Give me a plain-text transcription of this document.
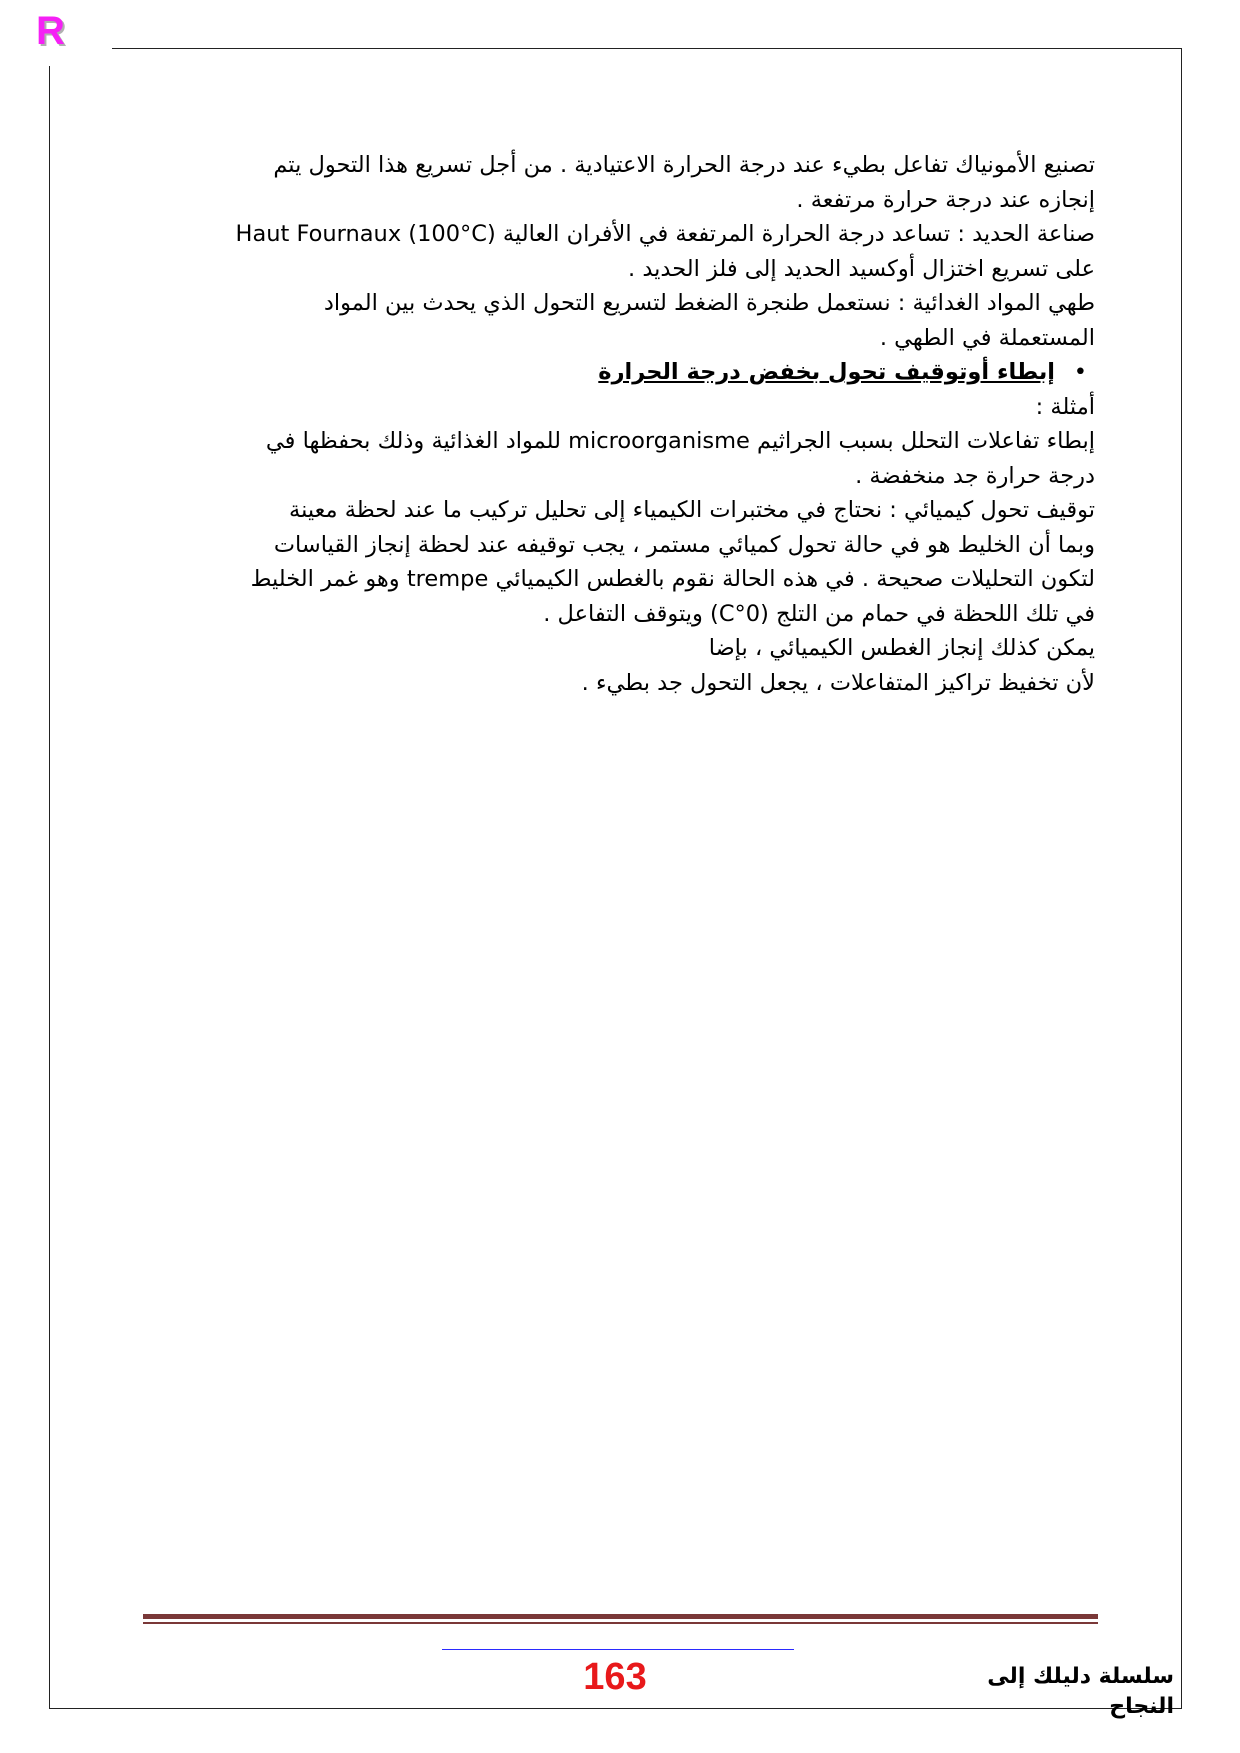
R

تصنيع الأمونياك تفاعل بطيء عند درجة الحرارة الاعتيادية . من أجل تسريع هذا التحول يتم

إنجازه عند درجة حرارة مرتفعة .

صناعة الحديد : تساعد درجة الحرارة المرتفعة في الأفران العالية Haut Fournaux (100°C)

على تسريع اختزال أوكسيد الحديد إلى فلز الحديد .

طهي المواد الغدائية : نستعمل طنجرة الضغط لتسريع التحول الذي يحدث بين المواد

المستعملة في الطهي .

•
إبطاء أوتوقيف تحول بخفض درجة الحرارة

أمثلة :

إبطاء تفاعلات التحلل بسبب الجراثيم microorganisme للمواد الغذائية وذلك بحفظها في

درجة حرارة جد منخفضة .

توقيف تحول كيميائي : نحتاج في مختبرات الكيمياء إلى تحليل تركيب ما عند لحظة معينة

وبما أن الخليط هو في حالة تحول كميائي مستمر ، يجب توقيفه عند لحظة إنجاز القياسات

لتكون التحليلات صحيحة . في هذه الحالة نقوم بالغطس الكيميائي trempe وهو غمر الخليط

في تلك اللحظة في حمام من التلج (0°C) ويتوقف التفاعل .

يمكن كذلك إنجاز الغطس الكيميائي ، بإضا

لأن تخفيظ تراكيز المتفاعلات ، يجعل التحول جد بطيء .

163	سلسلة دليلك إلى النجاح
